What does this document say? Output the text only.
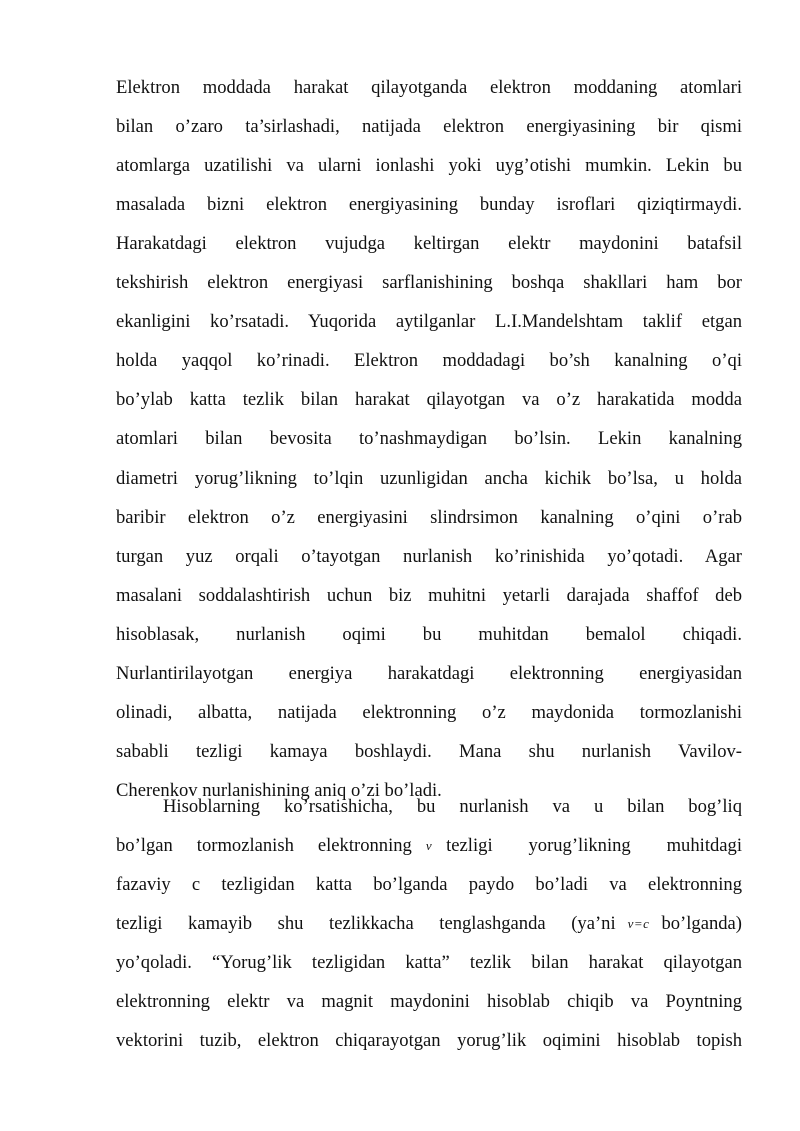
Elektron moddada harakat qilayotganda elektron moddaning atomlari
bilan o’zaro ta’sirlashadi, natijada elektron energiyasining bir qismi
atomlarga uzatilishi va ularni ionlashi yoki uyg’otishi mumkin. Lekin bu
masalada bizni elektron energiyasining bunday isroflari qiziqtirmaydi.
Harakatdagi elektron vujudga keltirgan elektr maydonini batafsil
tekshirish elektron energiyasi sarflanishining boshqa shakllari ham bor
ekanligini ko’rsatadi. Yuqorida aytilganlar L.I.Mandelshtam taklif etgan
holda yaqqol ko’rinadi. Elektron moddadagi bo’sh kanalning o’qi
bo’ylab katta tezlik bilan harakat qilayotgan va o’z harakatida modda
atomlari bilan bevosita to’nashmaydigan bo’lsin. Lekin kanalning
diametri yorug’likning to’lqin uzunligidan ancha kichik bo’lsa, u holda
baribir elektron o’z energiyasini slindrsimon kanalning o’qini o’rab
turgan yuz orqali o’tayotgan nurlanish ko’rinishida yo’qotadi. Agar
masalani soddalashtirish uchun biz muhitni yetarli darajada shaffof deb
hisoblasak, nurlanish oqimi bu muhitdan bemalol chiqadi.
Nurlantirilayotgan energiya harakatdagi elektronning energiyasidan
olinadi, albatta, natijada elektronning o’z maydonida tormozlanishi
sababli tezligi kamaya boshlaydi. Mana shu nurlanish Vavilov-
Cherenkov nurlanishining aniq o’zi bo’ladi.
Hisoblarning ko’rsatishicha, bu nurlanish va u bilan bog’liq
bo’lgan tormozlanish elektronning	v tezligi yorug’likning muhitdagi
fazaviy c tezligidan katta bo’lganda paydo bo’ladi va elektronning
tezligi kamayib shu tezlikkacha tenglashganda (ya’ni v=c bo’lganda)
yo’qoladi. “Yorug’lik tezligidan katta” tezlik bilan harakat qilayotgan
elektronning elektr va magnit maydonini hisoblab chiqib va Poyntning
vektorini tuzib, elektron chiqarayotgan yorug’lik oqimini hisoblab topish
